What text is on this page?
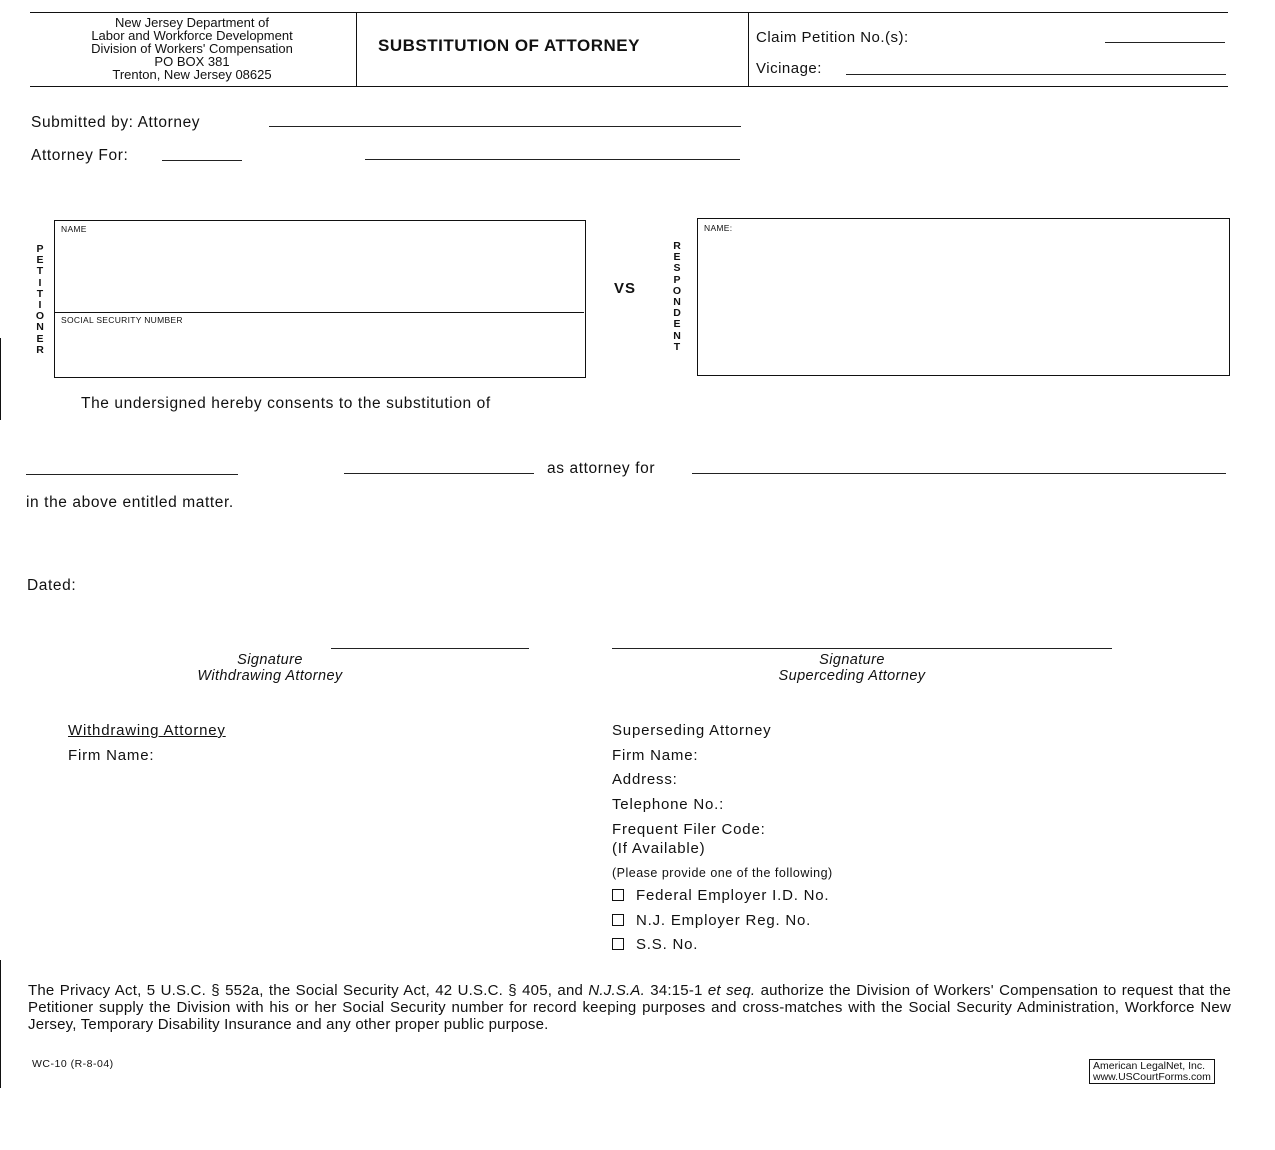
New Jersey Department of
Labor and Workforce Development
Division of Workers' Compensation
PO BOX 381
Trenton, New Jersey 08625
SUBSTITUTION OF ATTORNEY	Claim Petition No.(s):
Vicinage:
Submitted by: Attorney
Attorney For:
P
E
T
I
T
I
O
N
E
R
NAME
SOCIAL SECURITY NUMBER
VS
R
E
S
P
O
N
D
E
N
T
NAME:
The undersigned hereby consents to the substitution of
as attorney for
in the above entitled matter.
Dated:
Signature
Withdrawing Attorney
Signature
Superceding Attorney
Withdrawing Attorney
Firm Name:
Superseding Attorney
Firm Name:
Address:
Telephone No.:
Frequent Filer Code:
(If Available)
(Please provide one of the following)
Federal Employer I.D. No.
N.J. Employer Reg. No.
S.S. No.
The Privacy Act, 5 U.S.C. § 552a, the Social Security Act, 42 U.S.C. § 405, and N.J.S.A. 34:15-1 et seq. authorize the Division of Workers' Compensation to request that the Petitioner supply the Division with his or her Social Security number for record keeping purposes and cross-matches with the Social Security Administration, Workforce New Jersey, Temporary Disability Insurance and any other proper public purpose.
WC-10 (R-8-04)	American LegalNet, Inc.
www.USCourtForms.com
